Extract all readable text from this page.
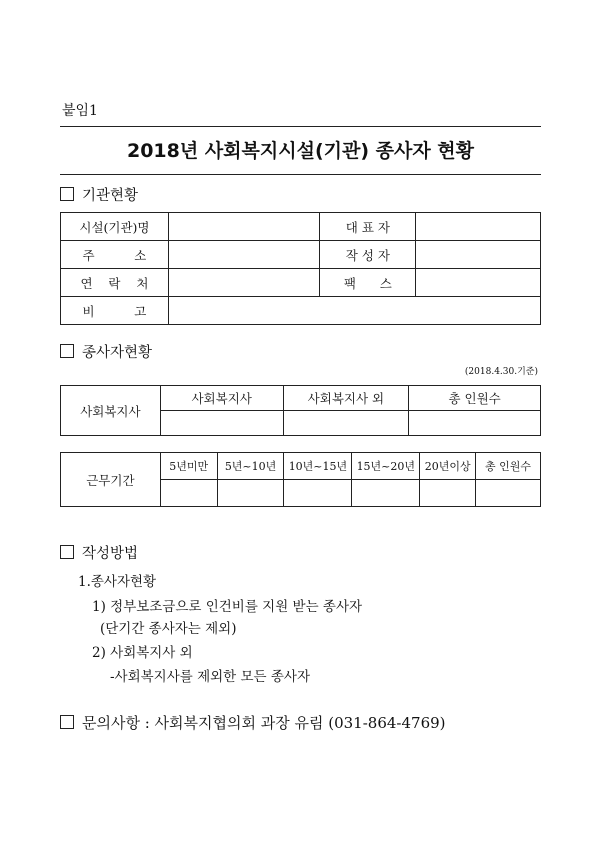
붙임1
2018년 사회복지시설(기관) 종사자 현황
기관현황
시설(기관)명		대 표 자	
주          소		작 성 자	
연    락    처		팩      스	
비          고			
종사자현황
(2018.4.30.기준)
사회복지사	사회복지사	사회복지사 외	총 인원수

근무기간	5년미만	5년~10년	10년~15년	15년~20년	20년이상	총 인원수

작성방법
1.종사자현황
1) 정부보조금으로 인건비를 지원 받는 종사자
(단기간 종사자는 제외)
2) 사회복지사 외
-사회복지사를 제외한 모든 종사자
문의사항 : 사회복지협의회 과장 유림 (031-864-4769)
